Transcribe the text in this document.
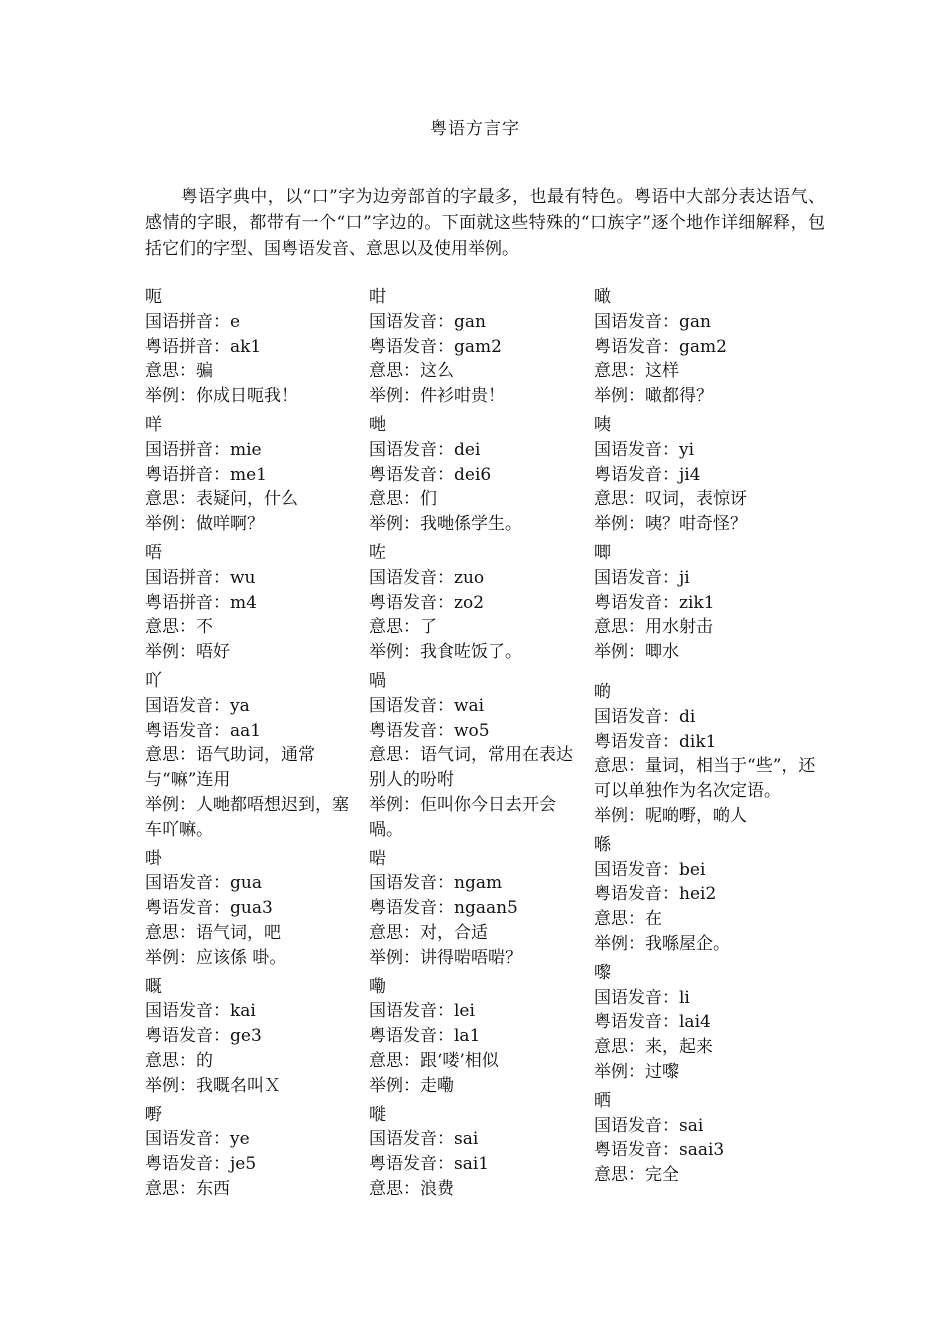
粤语方言字

粤语字典中，以“口”字为边旁部首的字最多，也最有特色。粤语中大部分表达语气、感情的字眼，都带有一个“口”字边的。下面就这些特殊的“口族字”逐个地作详细解释，包括它们的字型、国粤语发音、意思以及使用举例。

呃
国语拼音：e
粤语拼音：ak1
意思：骗
举例：你成日呃我！
咩
国语拼音：mie
粤语拼音：me1
意思：表疑问，什么
举例：做咩啊？
唔
国语拼音：wu
粤语拼音：m4
意思：不
举例：唔好
吖
国语发音：ya
粤语发音：aa1
意思：语气助词，通常与“嘛”连用
举例：人哋都唔想迟到，塞车吖嘛。
啩
国语发音：gua
粤语发音：gua3
意思：语气词，吧
举例：应该係 啩。
嘅
国语发音：kai
粤语发音：ge3
意思：的
举例：我嘅名叫Ｘ
嘢
国语发音：ye
粤语发音：je5
意思：东西
咁
国语发音：gan
粤语发音：gam2
意思：这么
举例：件衫咁贵！
哋
国语发音：dei
粤语发音：dei6
意思：们
举例：我哋係学生。
咗
国语发音：zuo
粤语发音：zo2
意思：了
举例：我食咗饭了。
喎
国语发音：wai
粤语发音：wo5
意思：语气词，常用在表达别人的吩咐
举例：佢叫你今日去开会喎。
啱
国语发音：ngam
粤语发音：ngaan5
意思：对，合适
举例：讲得啱唔啱？
嘞
国语发音：lei
粤语发音：la1
意思：跟‘喽’相似
举例：走嘞
嘥
国语发音：sai
粤语发音：sai1
意思：浪费
噉
国语发音：gan
粤语发音：gam2
意思：这样
举例：噉都得？
咦
国语发音：yi
粤语发音：ji4
意思：叹词，表惊讶
举例：咦？咁奇怪？
唧
国语发音：ji
粤语发音：zik1
意思：用水射击
举例：唧水
啲
国语发音：di
粤语发音：dik1
意思：量词，相当于“些”，还可以单独作为名次定语。
举例：呢啲嘢，啲人
喺
国语发音：bei
粤语发音：hei2
意思：在
举例：我喺屋企。
嚟
国语发音：li
粤语发音：lai4
意思：来，起来
举例：过嚟
晒
国语发音：sai
粤语发音：saai3
意思：完全
